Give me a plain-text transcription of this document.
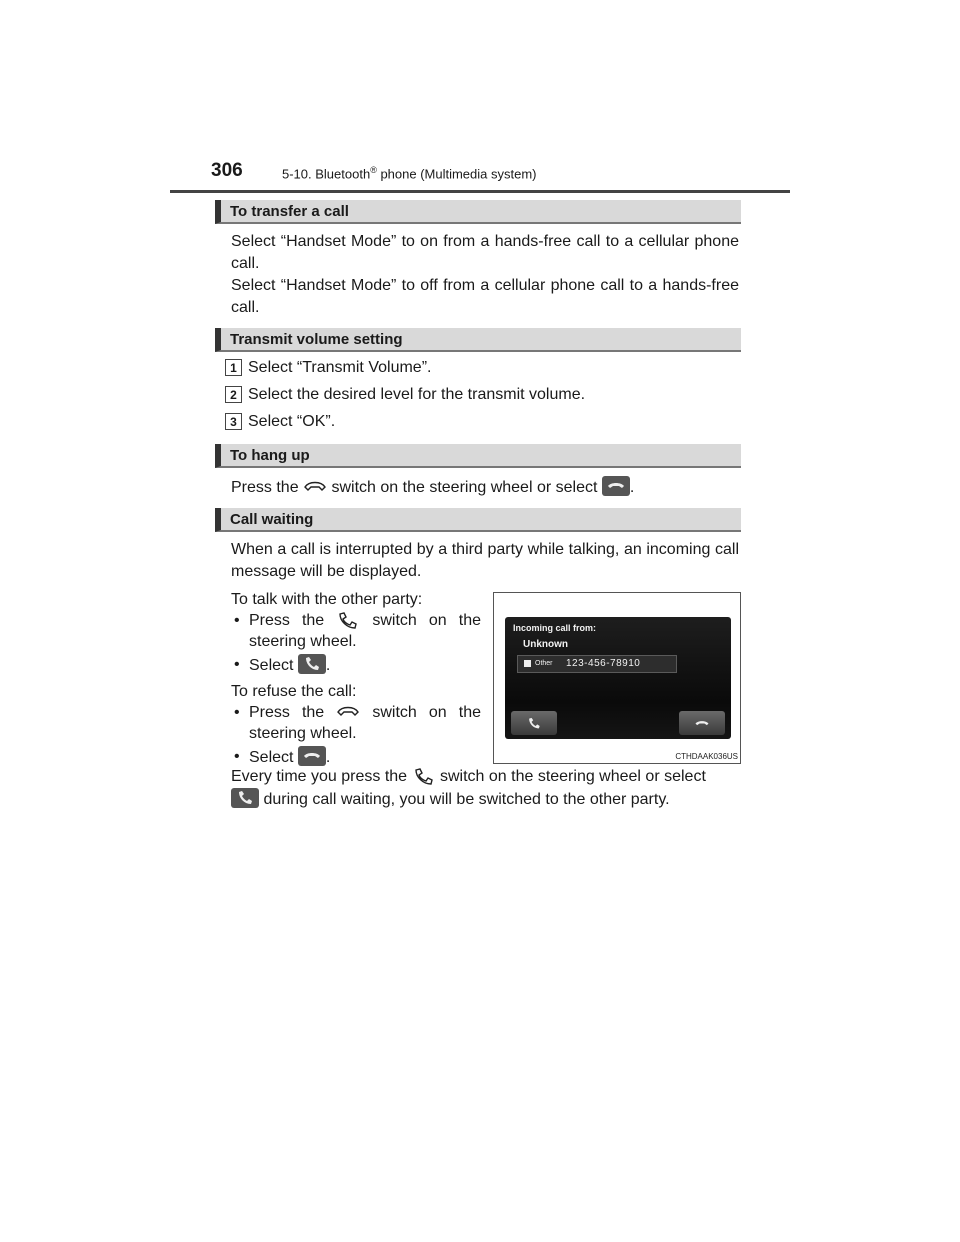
306	5-10. Bluetooth® phone (Multimedia system)
To transfer a call

Select “Handset Mode” to on from a hands-free call to a cellular phone call.

Select “Handset Mode” to off from a cellular phone call to a hands-free call.

Transmit volume setting
1 Select “Transmit Volume”.
2 Select the desired level for the transmit volume.
3 Select “OK”.
To hang up
Press the switch on the steering wheel or select .
Call waiting
When a call is interrupted by a third party while talking, an incoming call message will be displayed.
To talk with the other party:
• Press the	switch on the steering wheel.
• Select .
To refuse the call:
• Press the	switch on the steering wheel.
• Select .
Incoming call from:
Unknown
Other 123-456-78910
CTHDAAK036US
Every time you press the switch on the steering wheel or select

during call waiting, you will be switched to the other party.
